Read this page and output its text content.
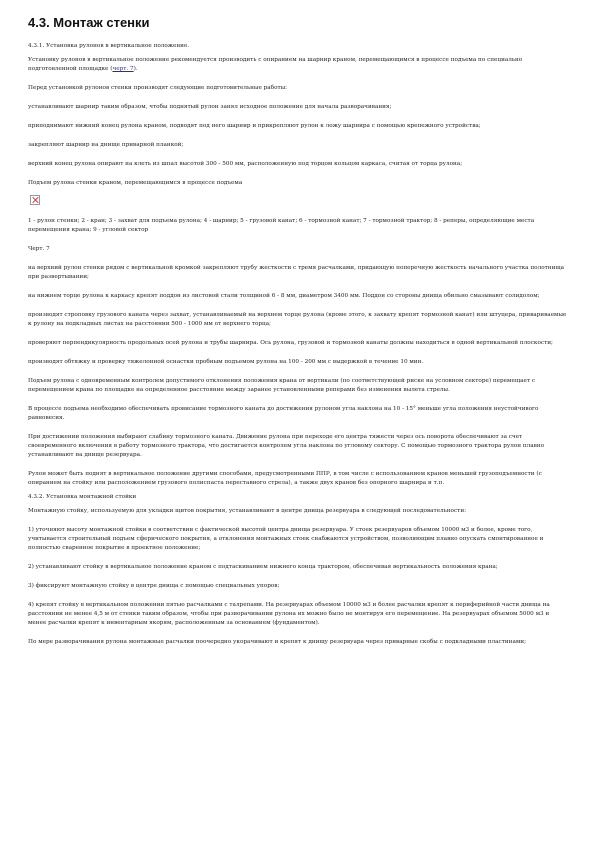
4.3. Монтаж стенки

4.3.1. Установка рулонов в вертикальное положение.

Установку рулонов в вертикальное положение рекомендуется производить с опиранием на шарнир краном, перемещающимся в процессе подъема по специально подготовленной площадке (черт. 7).

Перед установкой рулонов стенки производят следующие подготовительные работы:

устанавливают шарнир таким образом, чтобы поднятый рулон занял исходное положение для начала разворачивания;

приподнимают нижний конец рулона краном, подводят под него шарнир и прикрепляют рулон к ложу шарнира с помощью крепежного устройства;

закрепляют шарнир на днище приварной планкой;

верхний конец рулона опирают на клеть из шпал высотой 300 - 500 мм, расположенную под торцом кольцом каркаса, считая от торца рулона;

Подъем рулона стенки краном, перемещающимся в процессе подъема

1 - рулон стенки; 2 - кран; 3 - захват для подъема рулона; 4 - шарнир; 5 - грузовой канат; 6 - тормозной канат; 7 - тормозной трактор; 8 - реперы, определяющие места перемещения крана; 9 - угловой сектор

Черт. 7

на верхний рулон стенки рядом с вертикальной кромкой закрепляют трубу жесткости с тремя расчалками, придающую поперечную жесткость начального участка полотнища при развертывании;

на нижнем торце рулона к каркасу крепят поддон из листовой стали толщиной 6 - 8 мм, диаметром 3400 мм. Поддон со стороны днища обильно смазывают солидолом;

производят строповку грузового каната через захват, устанавливаемый на верхнем торце рулона (кроме этого, к захвату крепят тормозной канат) или штуцера, привариваемые к рулону на подкладных листах на расстоянии 500 - 1000 мм от верхнего торца;

проверяют перпендикулярность продольных осей рулона и трубы шарнира. Ось рулона, грузовой и тормозной канаты должны находиться в одной вертикальной плоскости;

производят обтяжку и проверку тяжелонной оснастки пробным подъемом рулона на 100 - 200 мм с выдержкой в течение 10 мин.

Подъем рулона с одновременным контролем допустимого отклонения положения крана от вертикали (по соответствующей риске на условном секторе) перемещает с перемещением крана по площадке на определенное расстояние между заранее установленными реперами без изменения вылета стрелы.

В процессе подъема необходимо обеспечивать провисание тормозного каната до достижения рулоном угла наклона на 10 - 15° меньше угла положения неустойчивого равновесия.

При достижении положения выбирают слабину тормозного каната. Движение рулона при переходе его центра тяжести через ось поворота обеспечивают за счет своевременного включения в работу тормозного трактора, что достигается контролем угла наклона по угловому сектору. С помощью тормозного трактора рулон плавно устанавливают на днище резервуара.

Рулон может быть поднят в вертикальное положение другими способами, предусмотренными ППР, в том числе с использованием кранов меньшей грузоподъемности (с опиранием на стойку или расположением грузового полиспаста переставного стрела), а также двух кранов без опорного шарнира и т.п.

4.3.2. Установка монтажной стойки

Монтажную стойку, используемую для укладки щитов покрытия, устанавливают в центре днища резервуара в следующей последовательности:

1) уточняют высоту монтажной стойки в соответствии с фактической высотой центра днища резервуара. У стоек резервуаров объемом 10000 м3 и более, кроме того, учитывается строительный подъем сферического покрытия, а отклонения монтажных стоек снабжаются устройством, позволяющим плавно опускать смонтированное и полностью сваренное покрытие в проектное положение;

2) устанавливают стойку в вертикальное положение краном с подтаскиванием нижнего конца трактором, обеспечивая вертикальность положения крана;

3) фиксируют монтажную стойку в центре днища с помощью специальных упоров;

4) крепят стойку в вертикальном положении пятью расчалками с талрепами. На резервуарах объемом 10000 м3 и более расчалки крепят к периферийной части днища на расстоянии не менее 4,5 м от стенки таким образом, чтобы при разворачивании рулона их можно было не монтируя его перемещение. На резервуарах объемом 5000 м3 и менее расчалки крепят к инвентарным якорям, расположенным за основанием (фундаментом).

По мере разворачивания рулона монтажные расчалки поочередно укорачивают и крепят к днищу резервуара через приварные скобы с подкладными пластинами;
